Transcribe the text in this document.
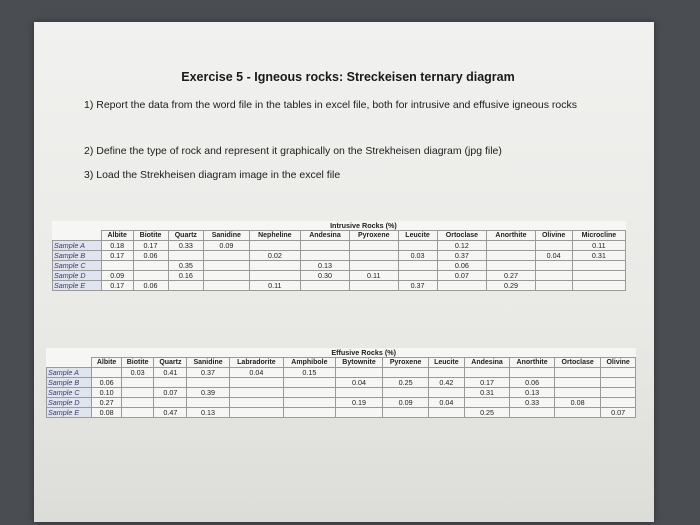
Exercise 5 - Igneous rocks: Streckeisen ternary diagram
1) Report the data from the word file in the tables in excel file, both for intrusive and effusive igneous rocks
2) Define the type of rock and represent it graphically on the Strekheisen diagram (jpg file)
3) Load the Strekheisen diagram image in the excel file
	Intrusive Rocks (%)											
	Albite	Biotite	Quartz	Sanidine	Nepheline	Andesina	Pyroxene	Leucite	Ortoclase	Anorthite	Olivine	Microcline
Sample A	0.18	0.17	0.33	0.09					0.12			0.11
Sample B	0.17	0.06			0.02			0.03	0.37		0.04	0.31
Sample C			0.35			0.13			0.06			
Sample D	0.09		0.16			0.30	0.11		0.07	0.27		
Sample E	0.17	0.06			0.11			0.37		0.29		
	Effusive Rocks (%)												
	Albite	Biotite	Quartz	Sanidine	Labradorite	Amphibole	Bytownite	Pyroxene	Leucite	Andesina	Anorthite	Ortoclase	Olivine
Sample A		0.03	0.41	0.37	0.04	0.15							
Sample B	0.06						0.04	0.25	0.42	0.17	0.06		
Sample C	0.10		0.07	0.39						0.31	0.13		
Sample D	0.27						0.19	0.09	0.04		0.33	0.08	
Sample E	0.08		0.47	0.13						0.25			0.07
